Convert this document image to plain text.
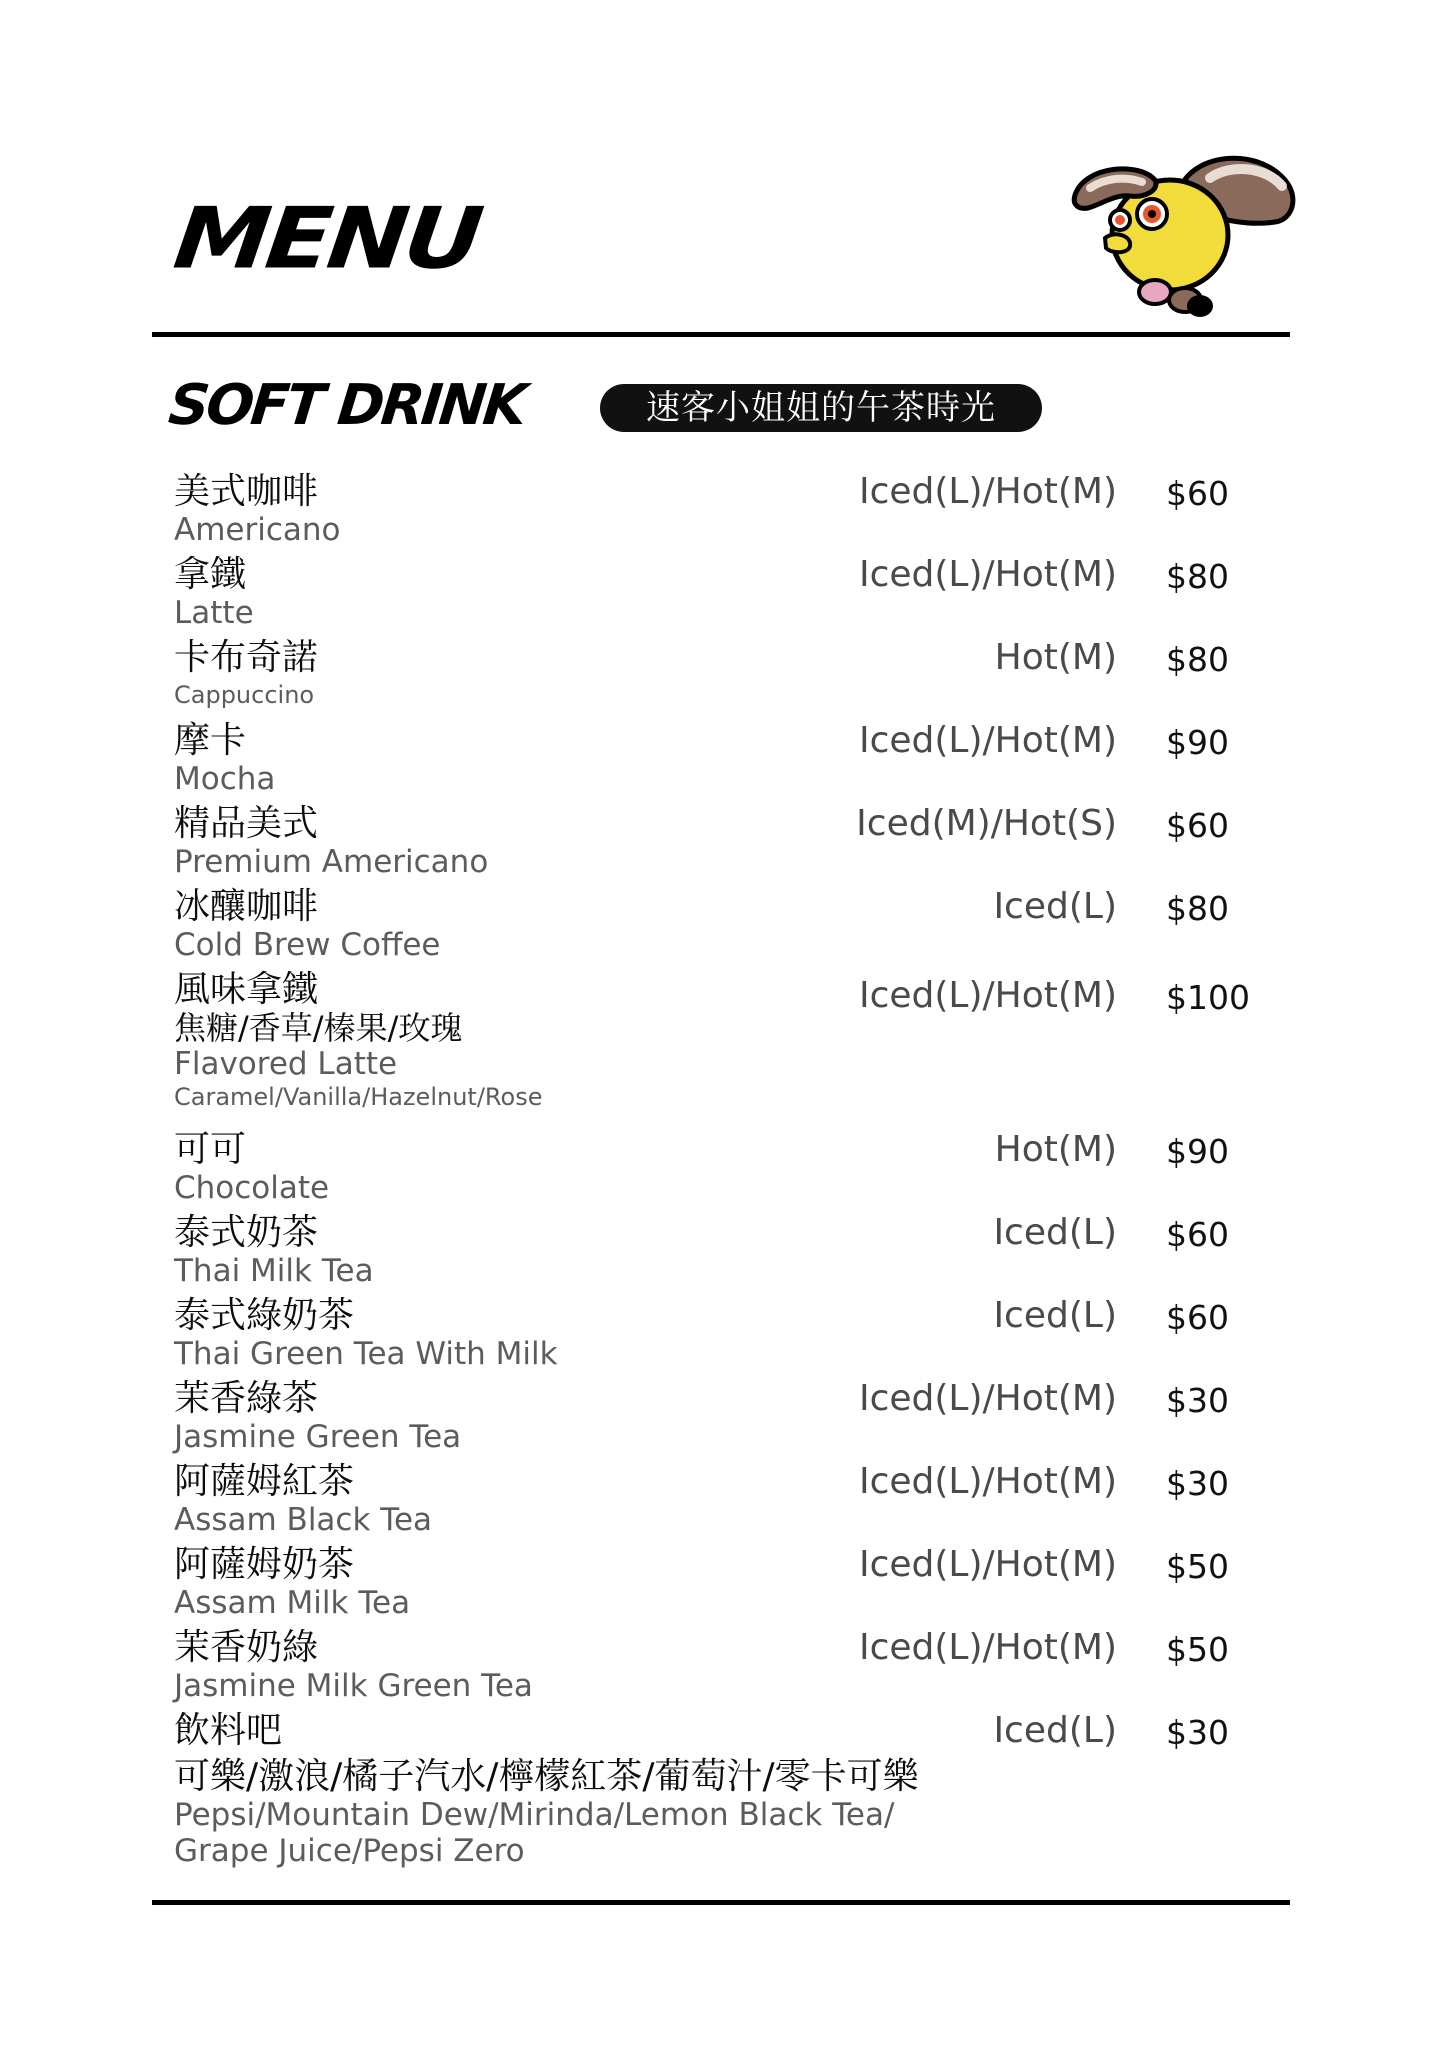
MENU
SOFT DRINK	速客小姐姐的午茶時光
美式咖啡
Americano
Iced(L)/Hot(M) $60
拿鐵
Latte
Iced(L)/Hot(M) $80
卡布奇諾
Cappuccino
Hot(M) $80
摩卡
Mocha
Iced(L)/Hot(M) $90
精品美式
Premium Americano
Iced(M)/Hot(S) $60
冰釀咖啡
Cold Brew Coffee
Iced(L) $80
風味拿鐵
焦糖/香草/榛果/玫瑰
Flavored Latte
Caramel/Vanilla/Hazelnut/Rose
Iced(L)/Hot(M) $100
可可
Chocolate
Hot(M) $90
泰式奶茶
Thai Milk Tea
Iced(L) $60
泰式綠奶茶
Thai Green Tea With Milk
Iced(L) $60
茉香綠茶
Jasmine Green Tea
Iced(L)/Hot(M) $30
阿薩姆紅茶
Assam Black Tea
Iced(L)/Hot(M) $30
阿薩姆奶茶
Assam Milk Tea
Iced(L)/Hot(M) $50
茉香奶綠
Jasmine Milk Green Tea
Iced(L)/Hot(M) $50
飲料吧
可樂/激浪/橘子汽水/檸檬紅茶/葡萄汁/零卡可樂
Pepsi/Mountain Dew/Mirinda/Lemon Black Tea/
Grape Juice/Pepsi Zero
Iced(L) $30
